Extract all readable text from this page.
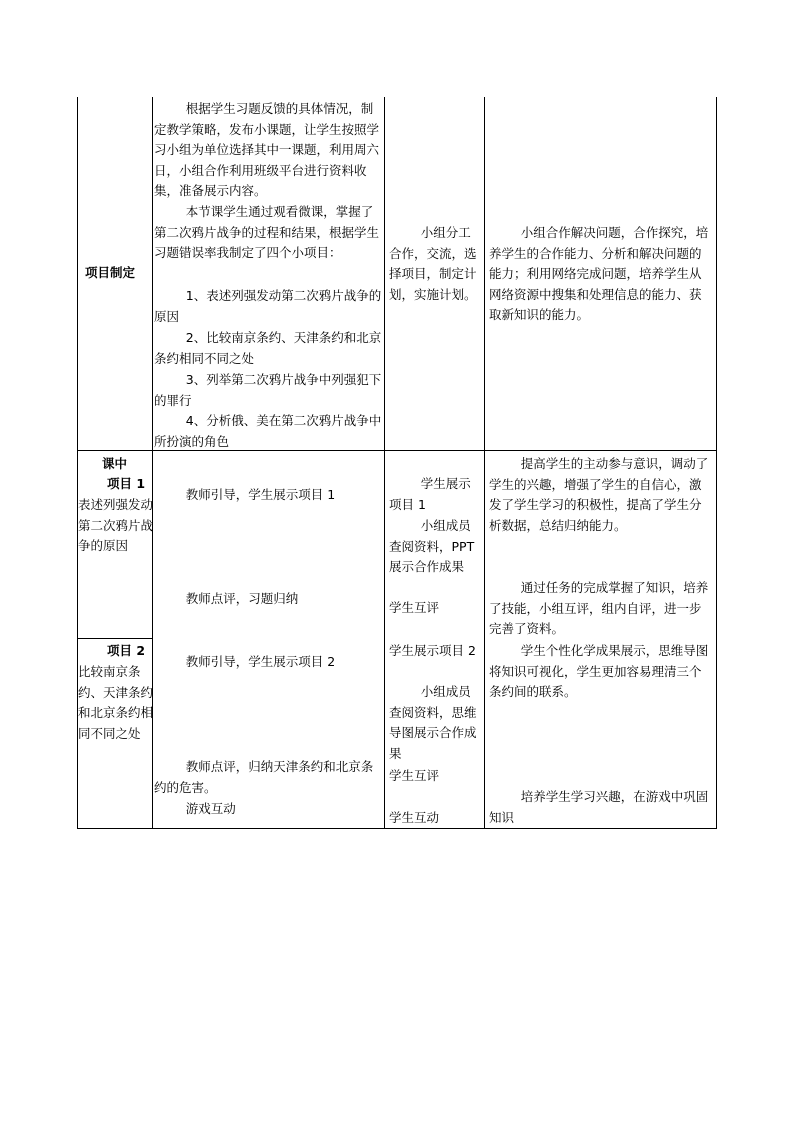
项目制定
根据学生习题反馈的具体情况，制定教学策略，发布小课题，让学生按照学习小组为单位选择其中一课题，利用周六日，小组合作利用班级平台进行资料收集，准备展示内容。
本节课学生通过观看微课，掌握了第二次鸦片战争的过程和结果，根据学生习题错误率我制定了四个小项目：
1、表述列强发动第二次鸦片战争的原因
2、比较南京条约、天津条约和北京条约相同不同之处
3、列举第二次鸦片战争中列强犯下的罪行
4、分析俄、美在第二次鸦片战争中所扮演的角色
小组分工合作，交流，选择项目，制定计划，实施计划。
小组合作解决问题，合作探究，培养学生的合作能力、分析和解决问题的能力；利用网络完成问题，培养学生从网络资源中搜集和处理信息的能力、获取新知识的能力。
课中
项目 1
表述列强发动第二次鸦片战争的原因
项目 2
比较南京条约、天津条约和北京条约相同不同之处
教师引导，学生展示项目 1
教师点评，习题归纳
教师引导，学生展示项目 2
教师点评，归纳天津条约和北京条约的危害。
游戏互动
学生展示项目 1
小组成员查阅资料，PPT 展示合作成果
学生互评
学生展示项目 2
小组成员查阅资料，思维导图展示合作成果
学生互评
学生互动
提高学生的主动参与意识，调动了学生的兴趣，增强了学生的自信心，激发了学生学习的积极性，提高了学生分析数据，总结归纳能力。
通过任务的完成掌握了知识，培养了技能，小组互评，组内自评，进一步完善了资料。
学生个性化学成果展示，思维导图将知识可视化，学生更加容易理清三个条约间的联系。
培养学生学习兴趣，在游戏中巩固知识
